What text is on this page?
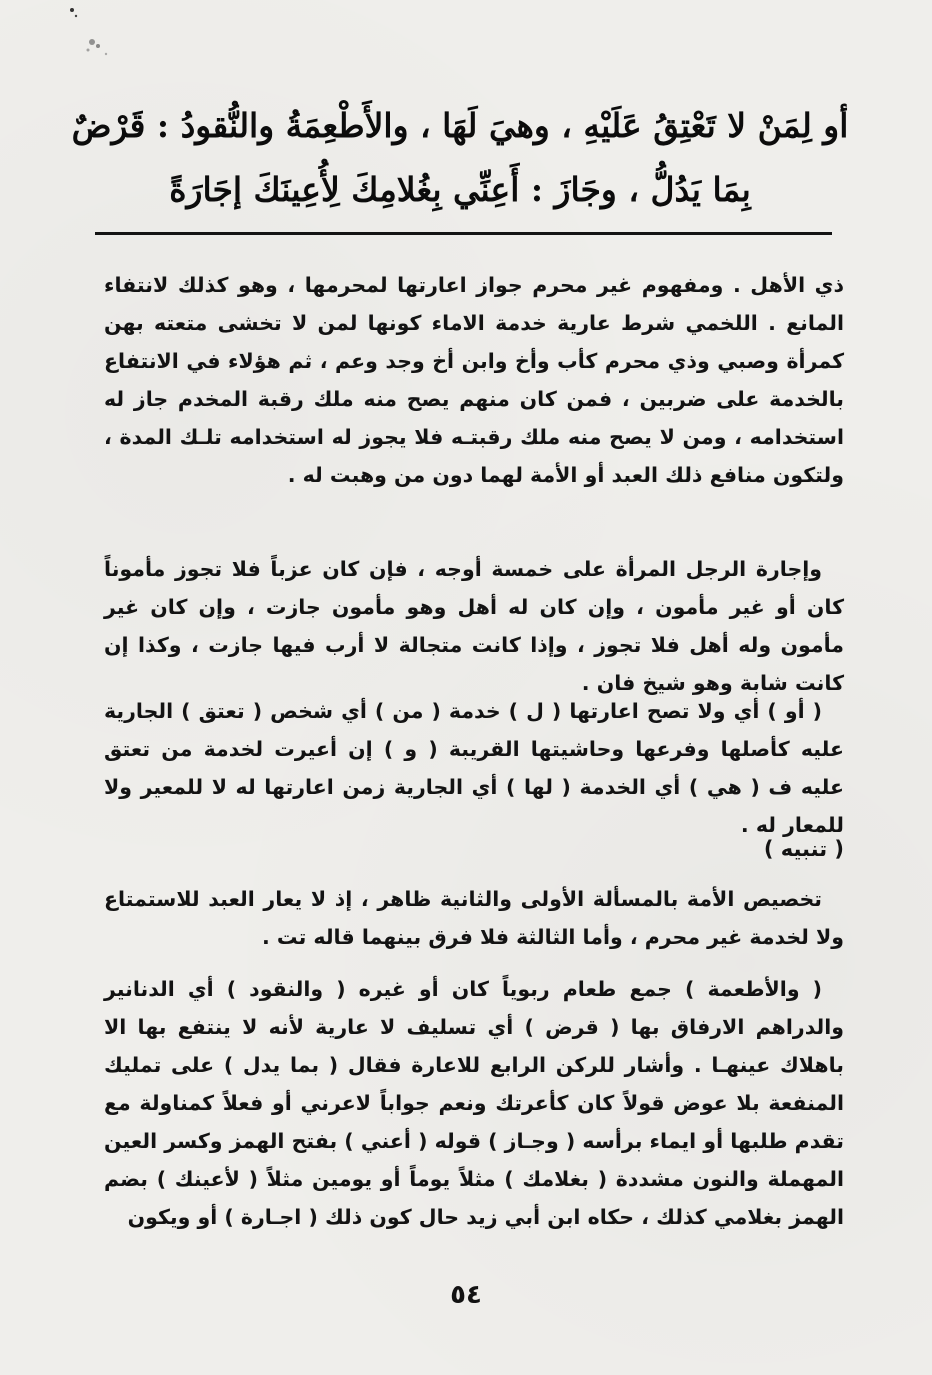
أو لِمَنْ لا تَعْتِقُ عَلَيْهِ ، وهيَ لَهَا ، والأَطْعِمَةُ والنُّقودُ : قَرْضٌ
بِمَا يَدُلُّ ، وجَازَ : أَعِنِّي بِغُلامِكَ لِأُعِينَكَ إجَارَةً
ذي الأهل . ومفهوم غير محرم جواز اعارتها لمحرمها ، وهو كذلك لانتفاء المانع . اللخمي شرط عارية خدمة الاماء كونها لمن لا تخشى متعته بهن كمرأة وصبي وذي محرم كأب وأخ وابن أخ وجد وعم ، ثم هؤلاء في الانتفاع بالخدمة على ضربين ، فمن كان منهم يصح منه ملك رقبة المخدم جاز له استخدامه ، ومن لا يصح منه ملك رقبتـه فلا يجوز له استخدامه تلـك المدة ، ولتكون منافع ذلك العبد أو الأمة لهما دون من وهبت له .
وإجارة الرجل المرأة على خمسة أوجه ، فإن كان عزباً فلا تجوز مأموناً كان أو غير مأمون ، وإن كان له أهل وهو مأمون جازت ، وإن كان غير مأمون وله أهل فلا تجوز ، وإذا كانت متجالة لا أرب فيها جازت ، وكذا إن كانت شابة وهو شيخ فان .
( أو ) أي ولا تصح اعارتها ( ل ) خدمة ( من ) أي شخص ( تعتق ) الجارية عليه كأصلها وفرعها وحاشيتها القريبة ( و ) إن أعيرت لخدمة من تعتق عليه ف ( هي ) أي الخدمة ( لها ) أي الجارية زمن اعارتها له لا للمعير ولا للمعار له .
( تنبيه )
تخصيص الأمة بالمسألة الأولى والثانية ظاهر ، إذ لا يعار العبد للاستمتاع ولا لخدمة غير محرم ، وأما الثالثة فلا فرق بينهما قاله تت .
( والأطعمة ) جمع طعام ربوياً كان أو غيره ( والنقود ) أي الدنانير والدراهم الارفاق بها ( قرض ) أي تسليف لا عارية لأنه لا ينتفع بها الا باهلاك عينهـا . وأشار للركن الرابع للاعارة فقال ( بما يدل ) على تمليك المنفعة بلا عوض قولاً كان كأعرتك ونعم جواباً لاعرني أو فعلاً كمناولة مع تقدم طلبها أو ايماء برأسه ( وجـاز ) قوله ( أعني ) بفتح الهمز وكسر العين المهملة والنون مشددة ( بغلامك ) مثلاً يوماً أو يومين مثلاً ( لأعينك ) بضم الهمز بغلامي كذلك ، حكاه ابن أبي زيد حال كون ذلك ( اجـارة ) أو ويكون
٥٤
